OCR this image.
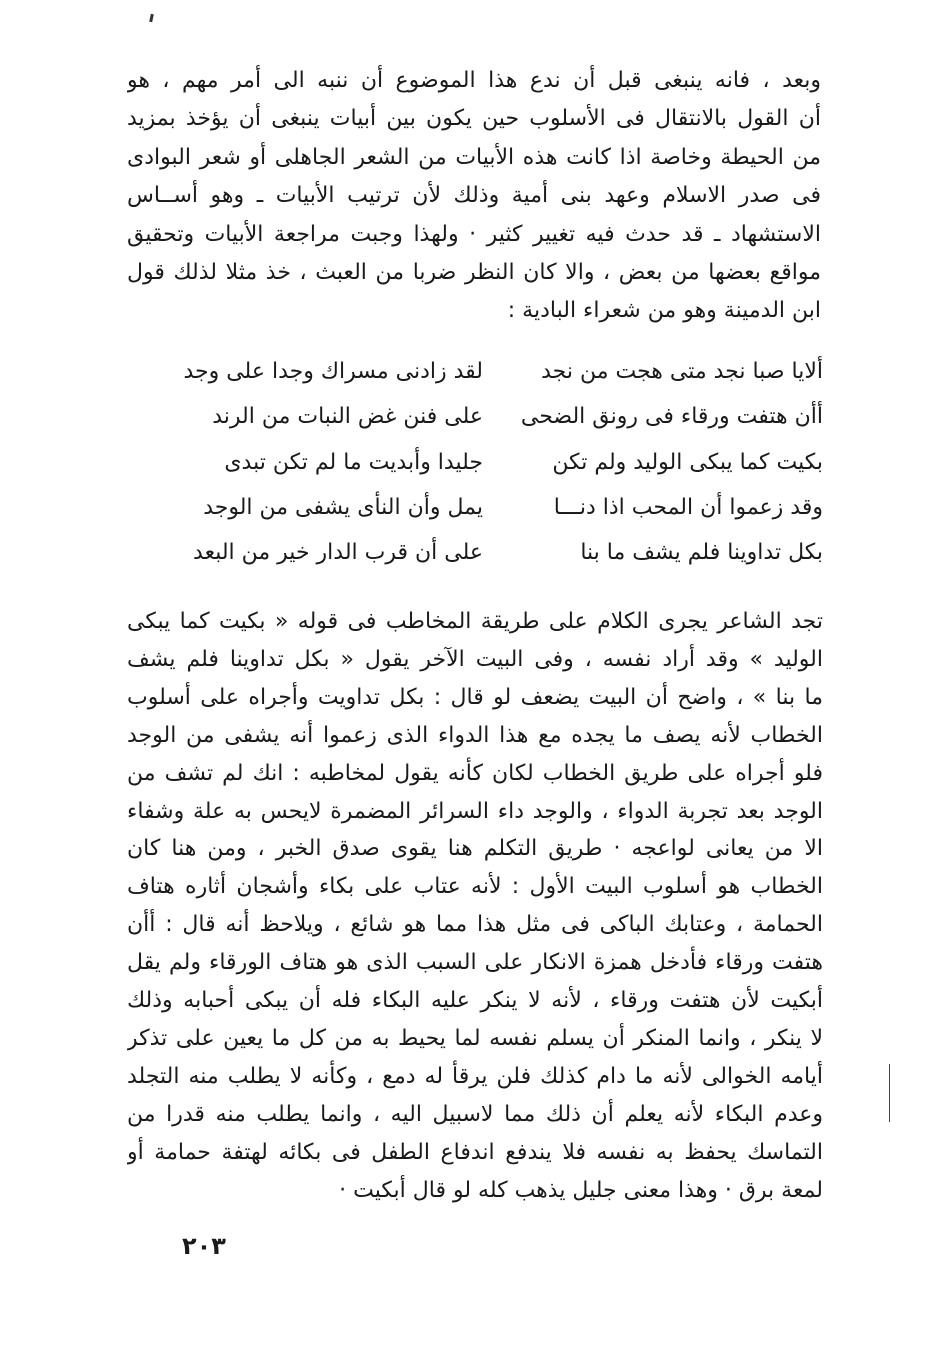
وبعد ، فانه ينبغى قبل أن ندع هذا الموضوع أن ننبه الى أمر مهم ، هو
أن القول بالانتقال فى الأسلوب حين يكون بين أبيات ينبغى أن يؤخذ بمزيد
من الحيطة وخاصة اذا كانت هذه الأبيات من الشعر الجاهلى أو شعر البوادى
فى صدر الاسلام وعهد بنى أمية وذلك لأن ترتيب الأبيات ـ وهو أســاس
الاستشهاد ـ قد حدث فيه تغيير كثير · ولهذا وجبت مراجعة الأبيات وتحقيق
مواقع بعضها من بعض ، والا كان النظر ضربا من العبث ، خذ مثلا لذلك قول
ابن الدمينة وهو من شعراء البادية :
ألايا صبا نجد متى هجت من نجد
لقد زادنى مسراك وجدا على وجد
أأن هتفت ورقاء فى رونق الضحى
على فنن غض النبات من الرند
بكيت كما يبكى الوليد ولم تكن
جليدا وأبديت ما لم تكن تبدى
وقد زعموا أن المحب اذا دنـــا
يمل وأن النأى يشفى من الوجد
بكل تداوينا فلم يشف ما بنا
على أن قرب الدار خير من البعد
تجد الشاعر يجرى الكلام على طريقة المخاطب فى قوله « بكيت كما يبكى
الوليد » وقد أراد نفسه ، وفى البيت الآخر يقول « بكل تداوينا فلم يشف
ما بنا » ، واضح أن البيت يضعف لو قال : بكل تداويت وأجراه على أسلوب
الخطاب لأنه يصف ما يجده مع هذا الدواء الذى زعموا أنه يشفى من الوجد
فلو أجراه على طريق الخطاب لكان كأنه يقول لمخاطبه : انك لم تشف من
الوجد بعد تجربة الدواء ، والوجد داء السرائر المضمرة لايحس به علة وشفاء
الا من يعانى لواعجه · طريق التكلم هنا يقوى صدق الخبر ، ومن هنا كان
الخطاب هو أسلوب البيت الأول : لأنه عتاب على بكاء وأشجان أثاره هتاف
الحمامة ، وعتابك الباكى فى مثل هذا مما هو شائع ، ويلاحظ أنه قال : أأن
هتفت ورقاء فأدخل همزة الانكار على السبب الذى هو هتاف الورقاء ولم يقل
أبكيت لأن هتفت ورقاء ، لأنه لا ينكر عليه البكاء فله أن يبكى أحبابه وذلك
لا ينكر ، وانما المنكر أن يسلم نفسه لما يحيط به من كل ما يعين على تذكر
أيامه الخوالى لأنه ما دام كذلك فلن يرقأ له دمع ، وكأنه لا يطلب منه التجلد
وعدم البكاء لأنه يعلم أن ذلك مما لاسبيل اليه ، وانما يطلب منه قدرا من
التماسك يحفظ به نفسه فلا يندفع اندفاع الطفل فى بكائه لهتفة حمامة أو
لمعة برق · وهذا معنى جليل يذهب كله لو قال أبكيت ·
٢٠٣
